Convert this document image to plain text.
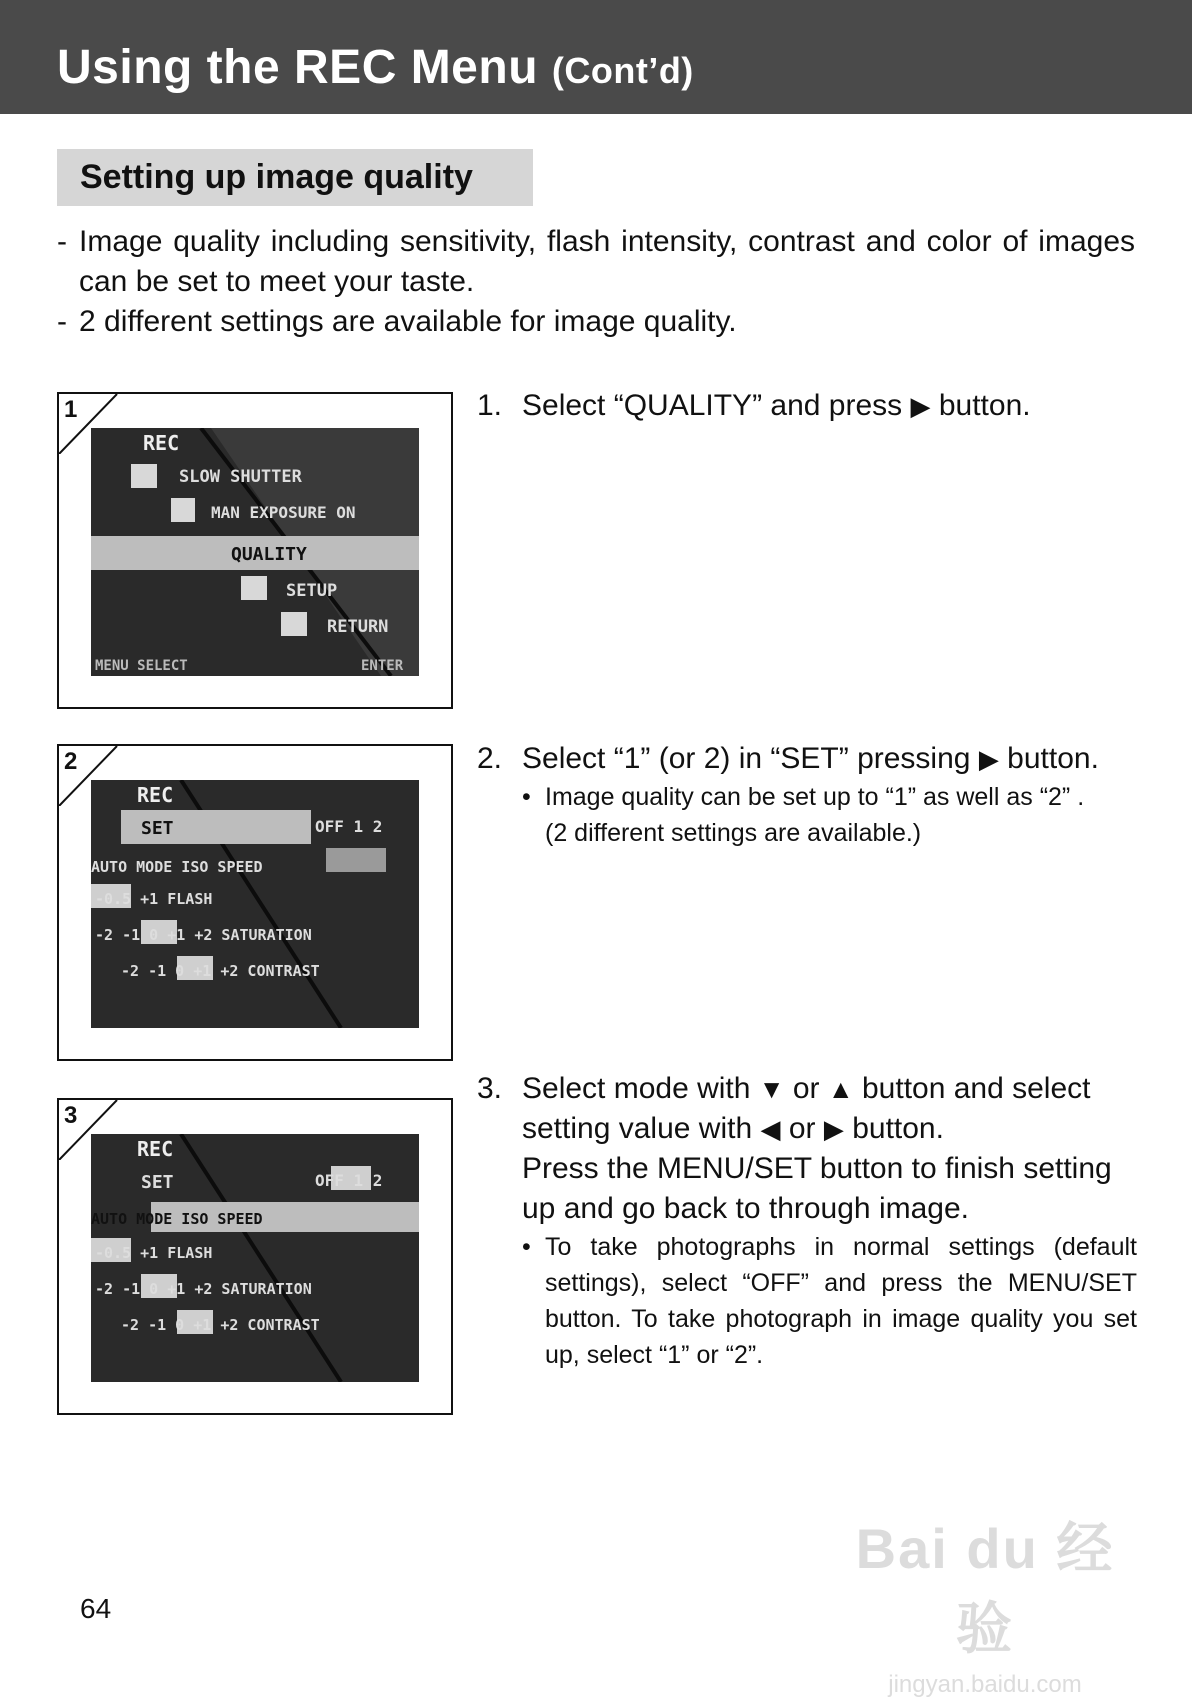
Using the REC Menu (Cont’d)
Setting up image quality
- Image quality including sensitivity, flash intensity, contrast and color of images can be set to meet your taste.
- 2 different settings are available for image quality.
1
REC
SLOW SHUTTER
MAN EXPOSURE ON
QUALITY
SETUP
RETURN
MENU SELECT	ENTER
2
REC
SET	OFF 1 2
AUTO MODE ISO SPEED
-0.5 +1 FLASH
-2 -1 0 +1 +2 SATURATION
-2 -1 0 +1 +2 CONTRAST
3
REC
SET	OFF 1 2
AUTO MODE ISO SPEED
-0.5 +1 FLASH
-2 -1 0 +1 +2 SATURATION
-2 -1 0 +1 +2 CONTRAST
1. Select “QUALITY” and press ▶ button.
2. Select “1” (or 2) in “SET” pressing ▶ button.
• Image quality can be set up to “1” as well as “2” .
(2 different settings are available.)
3. Select mode with ▼ or ▲ button and select setting value with ◀ or ▶ button.
Press the MENU/SET button to finish setting up and go back to through image.
• To take photographs in normal settings (default settings), select “OFF” and press the MENU/SET button. To take photograph in image quality you set up, select “1” or “2”.
64
Bai du 经验
jingyan.baidu.com
